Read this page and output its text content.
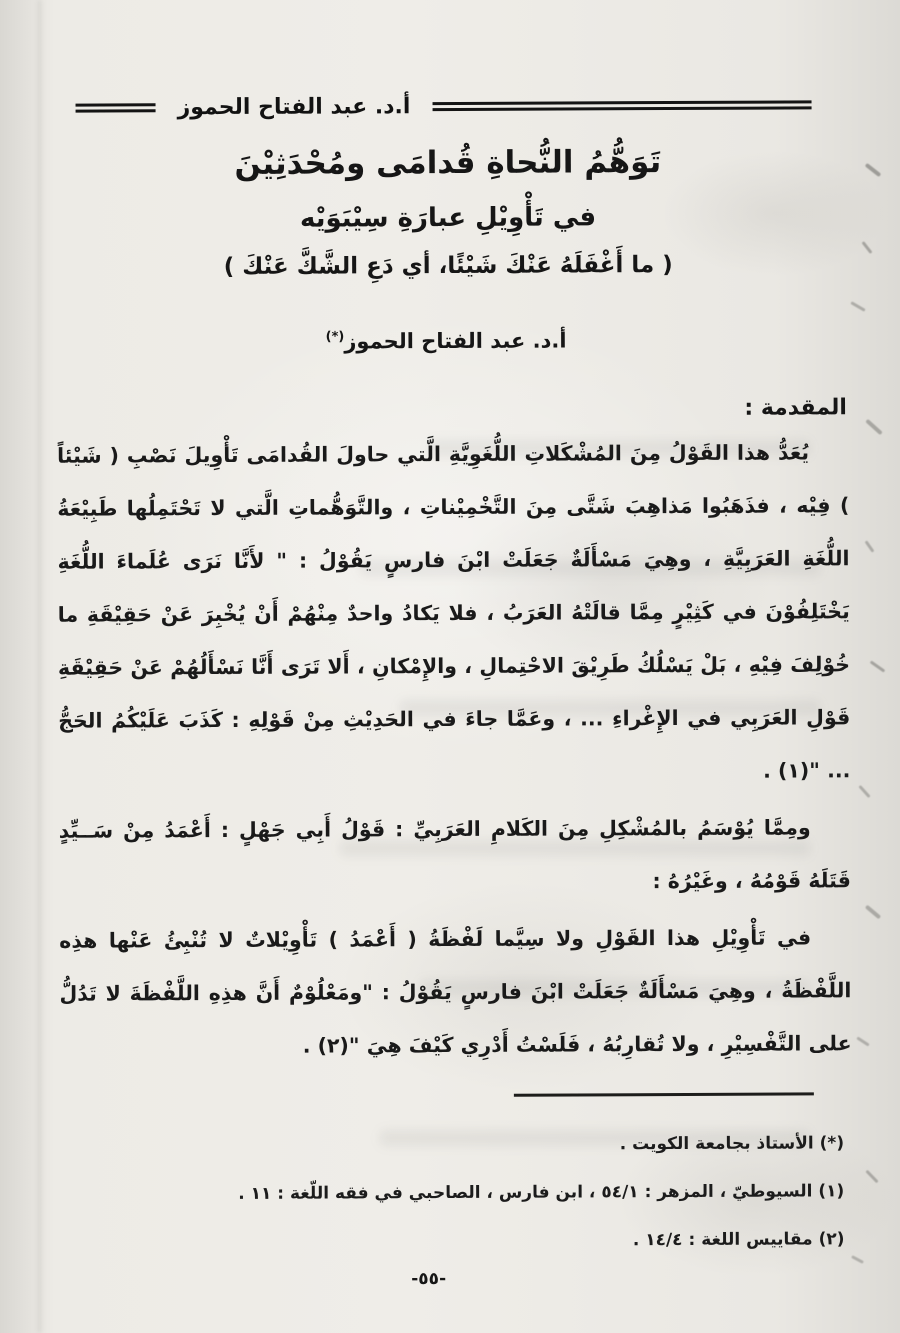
أ.د. عبد الفتاح الحموز
تَوَهُّمُ النُّحاةِ قُدامَى ومُحْدَثِيْنَ
في تَأْوِيْلِ عبارَةِ سِيْبَوَيْه
( ما أَغْفَلَهُ عَنْكَ شَيْئًا، أي دَعِ الشَّكَّ عَنْكَ )
أ.د. عبد الفتاح الحموز(*)
المقدمة :

يُعَدُّ هذا القَوْلُ مِنَ المُشْكَلاتِ اللُّغَوِيَّةِ الَّتي حاولَ القُدامَى تَأْوِيلَ نَصْبِ ( شَيْئاً ) فِيْه ، فذَهَبُوا مَذاهِبَ شَتَّى مِنَ التَّخْمِيْناتِ ، والتَّوَهُّماتِ الَّتي لا تَحْتَمِلُها طَبِيْعَةُ اللُّغَةِ العَرَبِيَّةِ ، وهِيَ مَسْأَلَةٌ جَعَلَتْ ابْنَ فارسٍ يَقُوْلُ : " لأَنَّا نَرَى عُلَماءَ اللُّغَةِ يَخْتَلِفُوْنَ في كَثِيْرٍ مِمَّا قالَتْهُ العَرَبُ ، فلا يَكادُ واحدٌ مِنْهُمْ أَنْ يُخْبِرَ عَنْ حَقِيْقَةِ ما خُوْلِفَ فِيْهِ ، بَلْ يَسْلُكُ طَرِيْقَ الاحْتِمالِ ، والإِمْكانِ ، أَلا تَرَى أَنَّا نَسْأَلُهُمْ عَنْ حَقِيْقَةِ قَوْلِ العَرَبِي في الإِغْراءِ ... ، وعَمَّا جاءَ في الحَدِيْثِ مِنْ قَوْلِهِ : كَذَبَ عَلَيْكُمُ الحَجُّ ... "(١) .

ومِمَّا يُوْسَمُ بالمُشْكِلِ مِنَ الكَلامِ العَرَبِيِّ : قَوْلُ أَبِي جَهْلٍ : أَعْمَدُ مِنْ سَــيِّدٍ قَتَلَهُ قَوْمُهُ ، وغَيْرُهُ :

في تَأْوِيْلِ هذا القَوْلِ ولا سِيَّما لَفْظَةُ ( أَعْمَدُ ) تَأْوِيْلاتٌ لا تُنْبِئُ عَنْها هذِه اللَّفْظَةُ ، وهِيَ مَسْأَلَةٌ جَعَلَتْ ابْنَ فارسٍ يَقُوْلُ : "ومَعْلُوْمٌ أَنَّ هذِهِ اللَّفْظَةَ لا تَدُلُّ على التَّفْسِيْرِ ، ولا تُقارِبُهُ ، فَلَسْتُ أَدْرِي كَيْفَ هِيَ "(٢) .

(*) الأستاذ بجامعة الكويت .
(١) السيوطيّ ، المزهر : ٥٤/١ ، ابن فارس ، الصاحبي في فقه اللّغة : ١١ .
(٢) مقاييس اللغة : ١٤/٤ .
-٥٥-
